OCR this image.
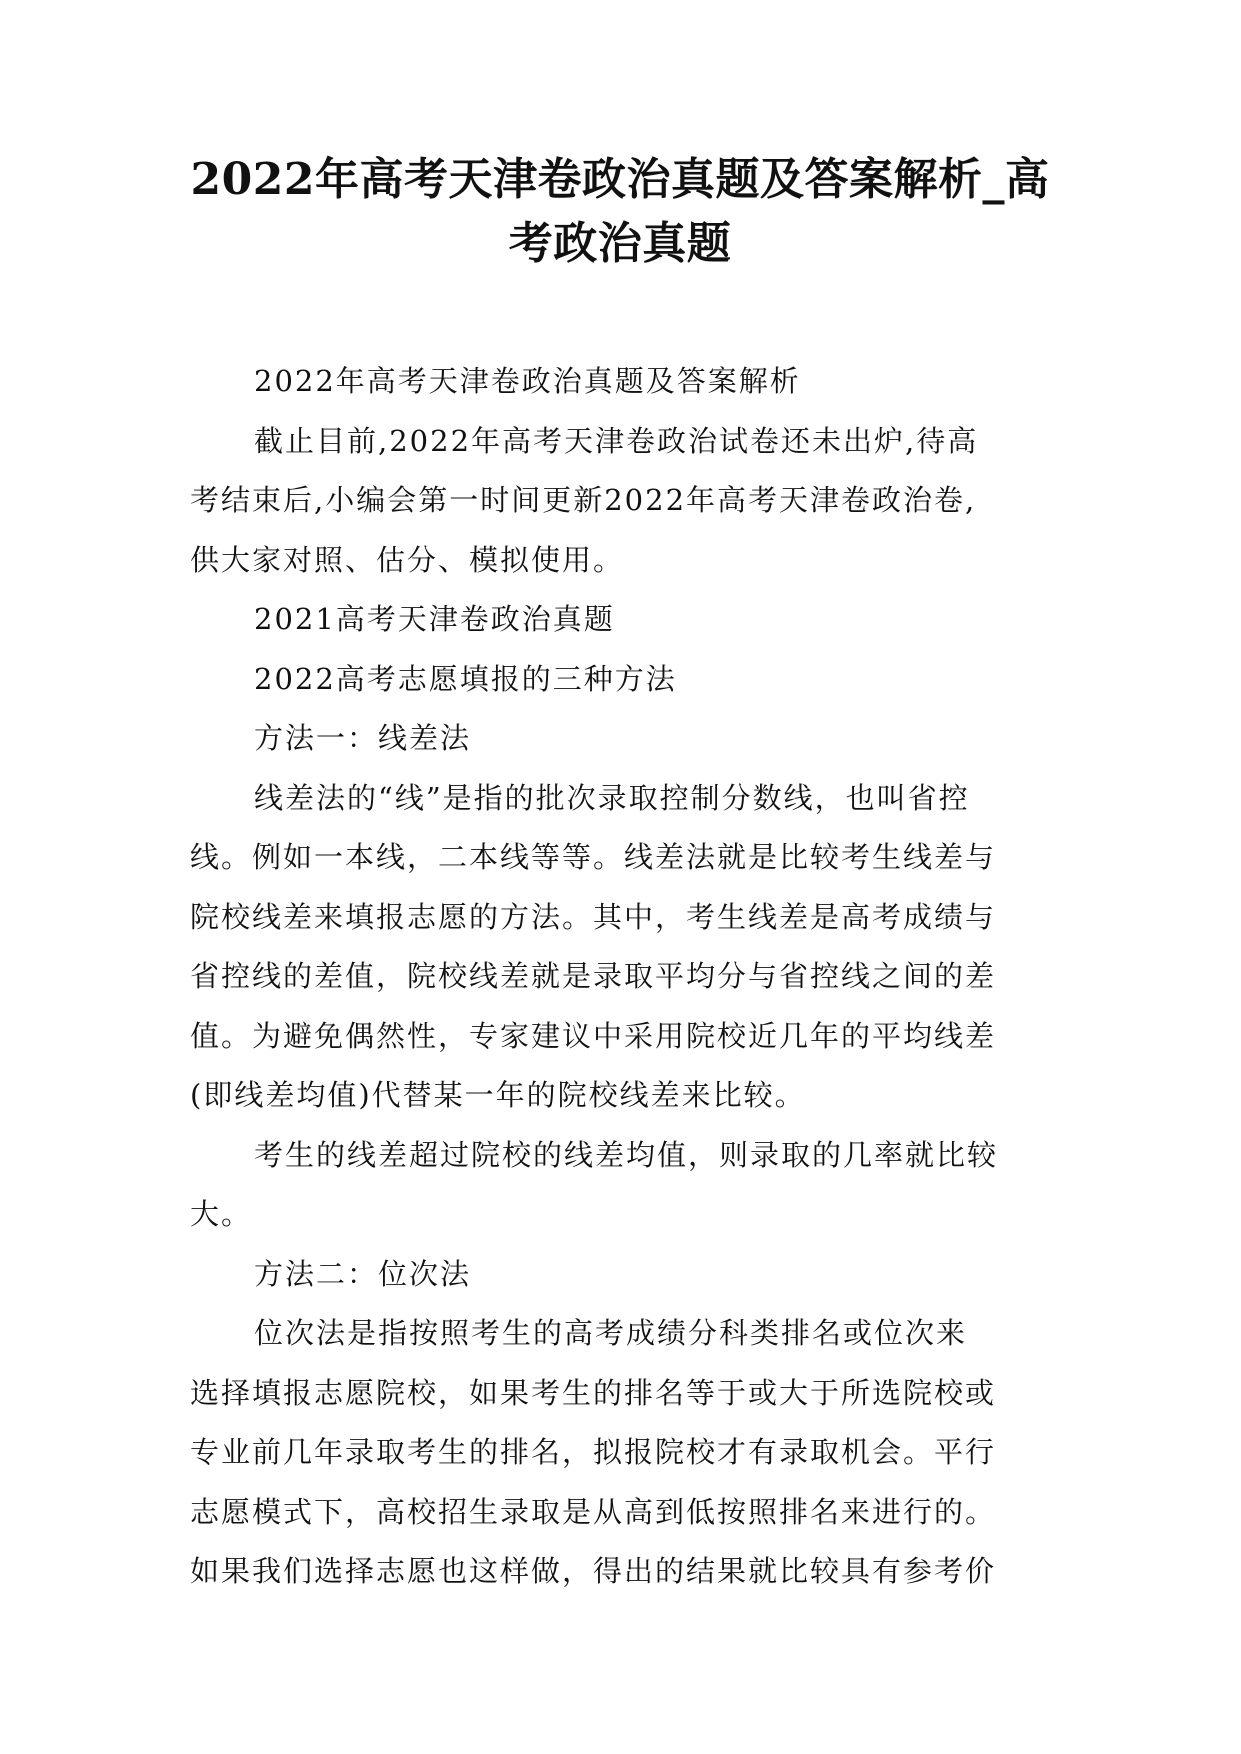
2022年高考天津卷政治真题及答案解析_高
考政治真题
2022年高考天津卷政治真题及答案解析
截止目前,2022年高考天津卷政治试卷还未出炉,待高
考结束后,小编会第一时间更新2022年高考天津卷政治卷,
供大家对照、估分、模拟使用。
2021高考天津卷政治真题
2022高考志愿填报的三种方法
方法一：线差法
线差法的“线”是指的批次录取控制分数线，也叫省控
线。例如一本线，二本线等等。线差法就是比较考生线差与
院校线差来填报志愿的方法。其中，考生线差是高考成绩与
省控线的差值，院校线差就是录取平均分与省控线之间的差
值。为避免偶然性，专家建议中采用院校近几年的平均线差
(即线差均值)代替某一年的院校线差来比较。
考生的线差超过院校的线差均值，则录取的几率就比较
大。
方法二：位次法
位次法是指按照考生的高考成绩分科类排名或位次来
选择填报志愿院校，如果考生的排名等于或大于所选院校或
专业前几年录取考生的排名，拟报院校才有录取机会。平行
志愿模式下，高校招生录取是从高到低按照排名来进行的。
如果我们选择志愿也这样做，得出的结果就比较具有参考价
